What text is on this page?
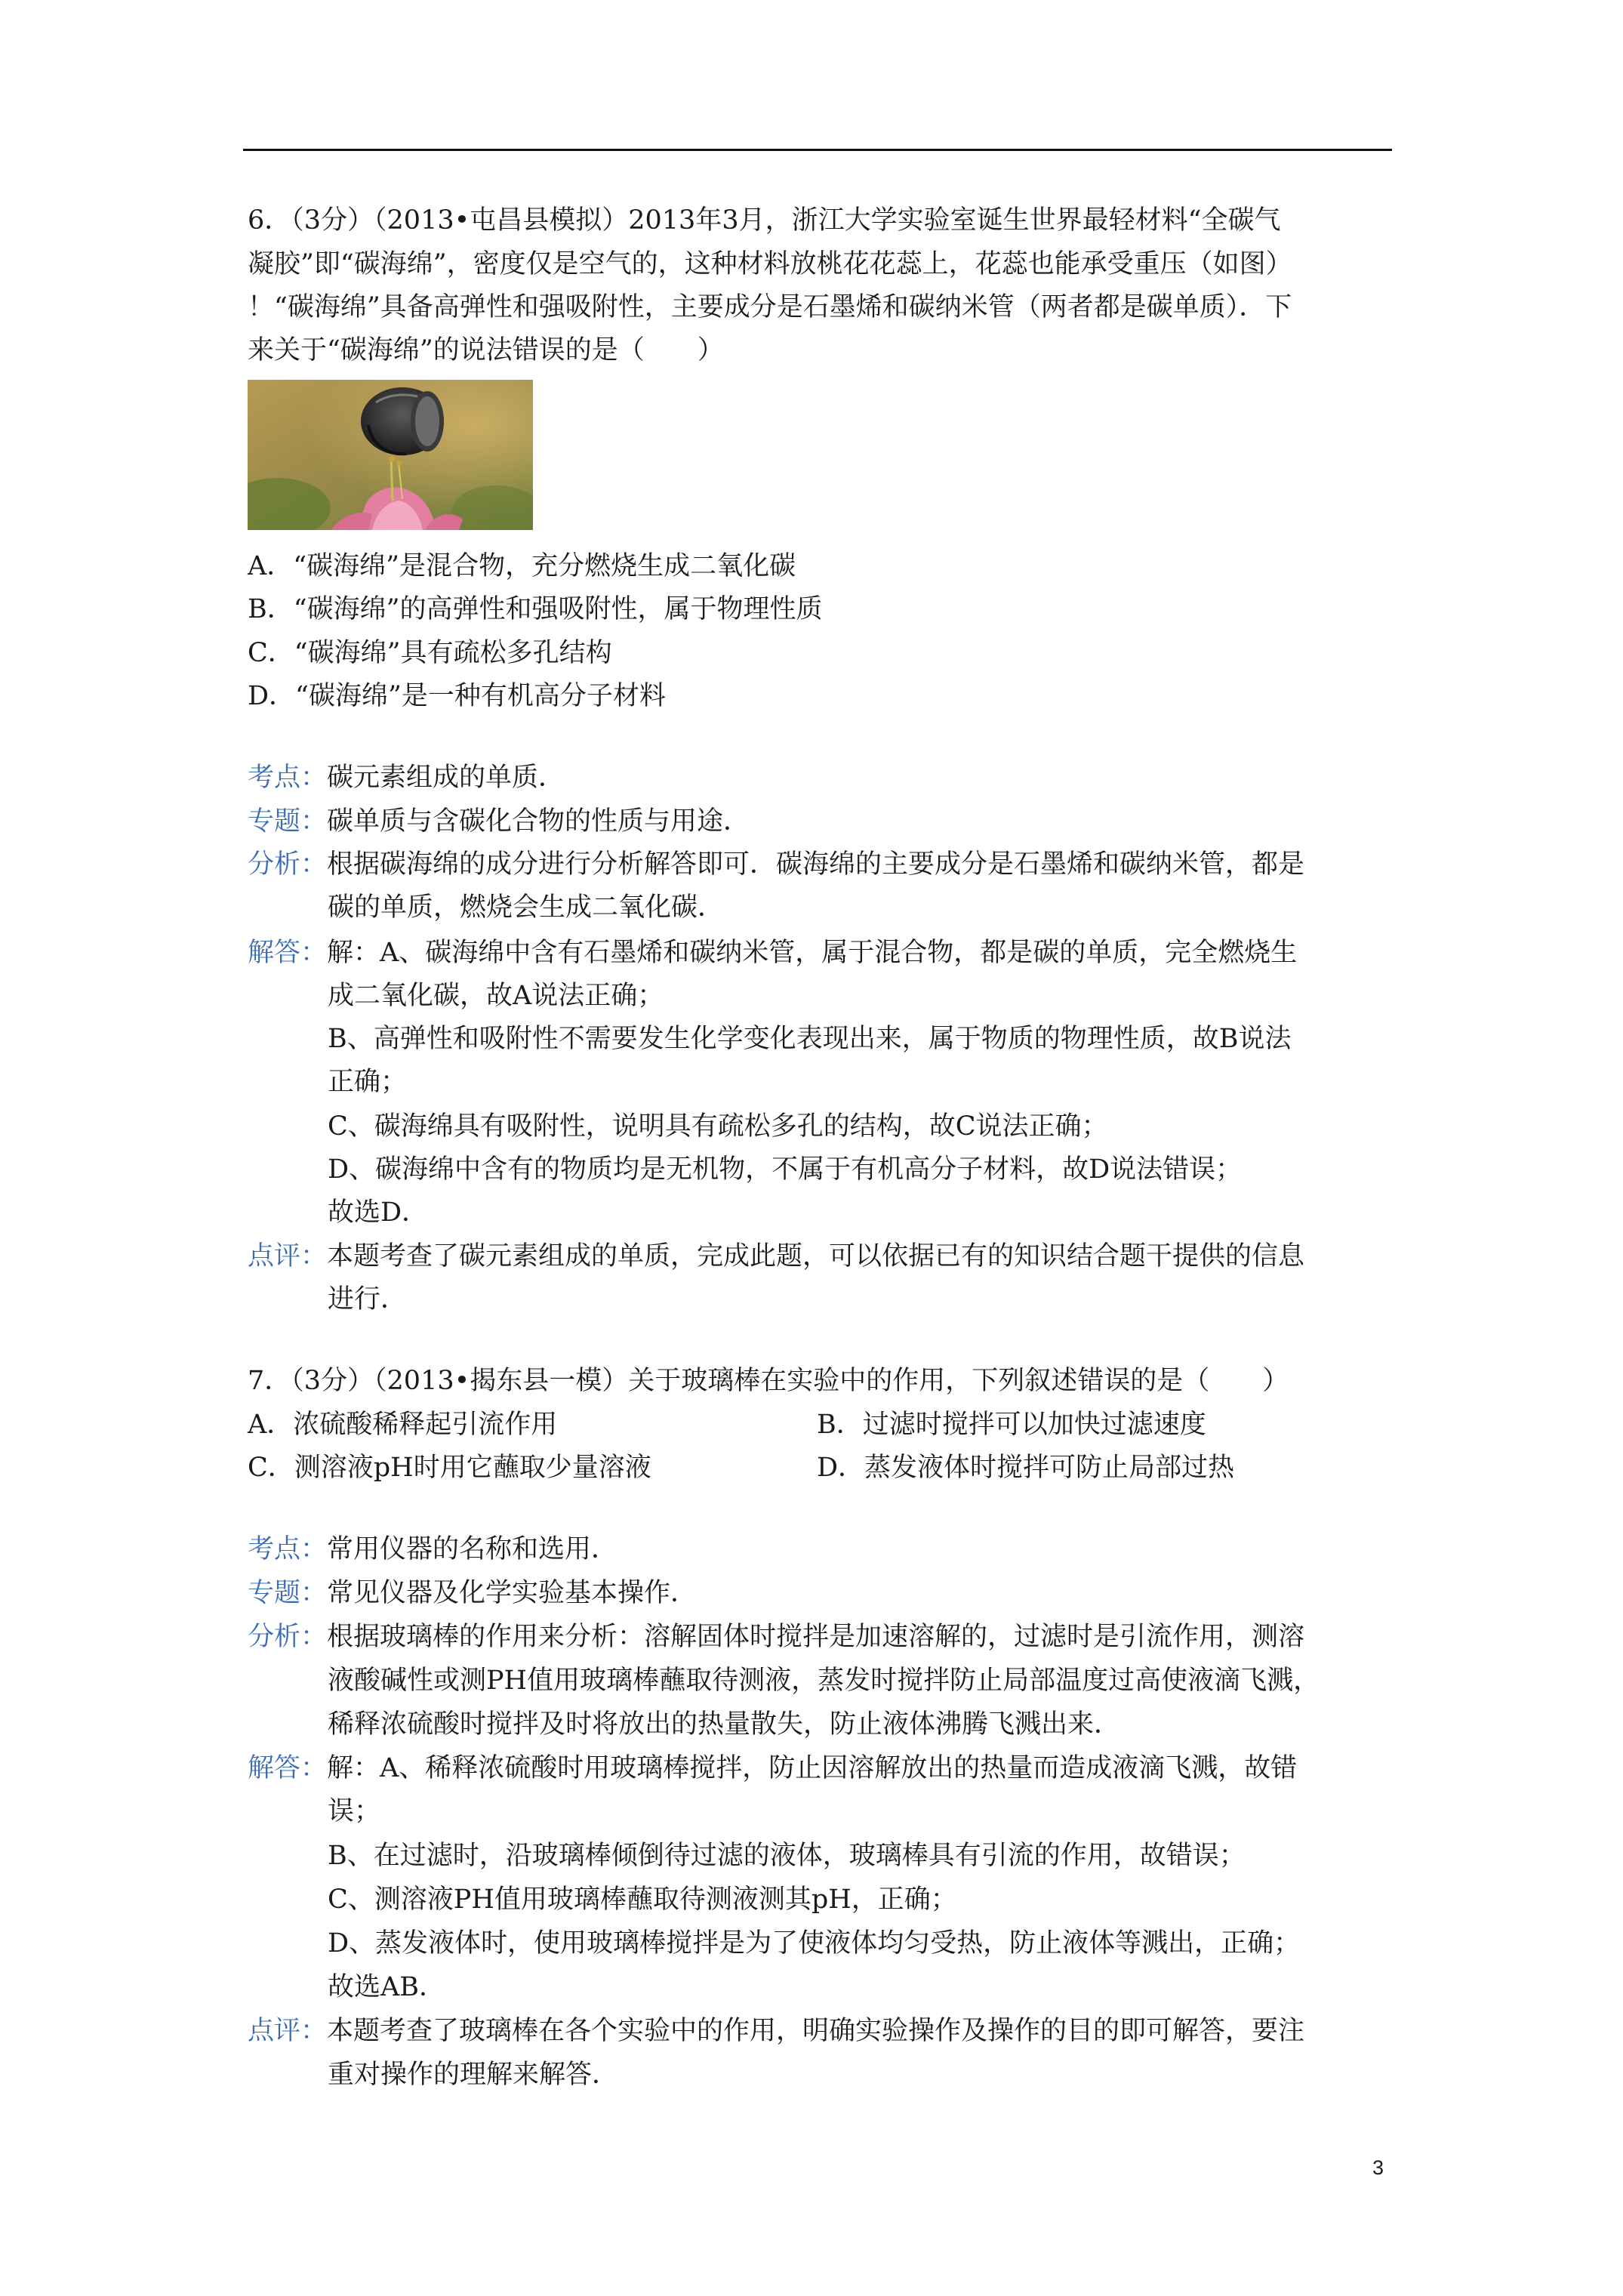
6．（3分）（2013•屯昌县模拟）2013年3月，浙江大学实验室诞生世界最轻材料“全碳气
凝胶”即“碳海绵”，密度仅是空气的，这种材料放桃花花蕊上，花蕊也能承受重压（如图）
！“碳海绵”具备高弹性和强吸附性，主要成分是石墨烯和碳纳米管（两者都是碳单质）．下
来关于“碳海绵”的说法错误的是（　　）
A．“碳海绵”是混合物，充分燃烧生成二氧化碳
B．“碳海绵”的高弹性和强吸附性，属于物理性质
C．“碳海绵”具有疏松多孔结构
D．“碳海绵”是一种有机高分子材料
考点：碳元素组成的单质．
专题：碳单质与含碳化合物的性质与用途．
分析：根据碳海绵的成分进行分析解答即可．碳海绵的主要成分是石墨烯和碳纳米管，都是
碳的单质，燃烧会生成二氧化碳．
解答：解：A、碳海绵中含有石墨烯和碳纳米管，属于混合物，都是碳的单质，完全燃烧生
成二氧化碳，故A说法正确；
B、高弹性和吸附性不需要发生化学变化表现出来，属于物质的物理性质，故B说法
正确；
C、碳海绵具有吸附性，说明具有疏松多孔的结构，故C说法正确；
D、碳海绵中含有的物质均是无机物，不属于有机高分子材料，故D说法错误；
故选D．
点评：本题考查了碳元素组成的单质，完成此题，可以依据已有的知识结合题干提供的信息
进行．
7．（3分）（2013•揭东县一模）关于玻璃棒在实验中的作用，下列叙述错误的是（　　）
A．浓硫酸稀释起引流作用	B．过滤时搅拌可以加快过滤速度
C．测溶液pH时用它蘸取少量溶液	D．蒸发液体时搅拌可防止局部过热
考点：常用仪器的名称和选用．
专题：常见仪器及化学实验基本操作．
分析：根据玻璃棒的作用来分析：溶解固体时搅拌是加速溶解的，过滤时是引流作用，测溶
液酸碱性或测PH值用玻璃棒蘸取待测液，蒸发时搅拌防止局部温度过高使液滴飞溅，
稀释浓硫酸时搅拌及时将放出的热量散失，防止液体沸腾飞溅出来．
解答：解：A、稀释浓硫酸时用玻璃棒搅拌，防止因溶解放出的热量而造成液滴飞溅，故错
误；
B、在过滤时，沿玻璃棒倾倒待过滤的液体，玻璃棒具有引流的作用，故错误；
C、测溶液PH值用玻璃棒蘸取待测液测其pH，正确；
D、蒸发液体时，使用玻璃棒搅拌是为了使液体均匀受热，防止液体等溅出，正确；
故选AB．
点评：本题考查了玻璃棒在各个实验中的作用，明确实验操作及操作的目的即可解答，要注
重对操作的理解来解答．
3
